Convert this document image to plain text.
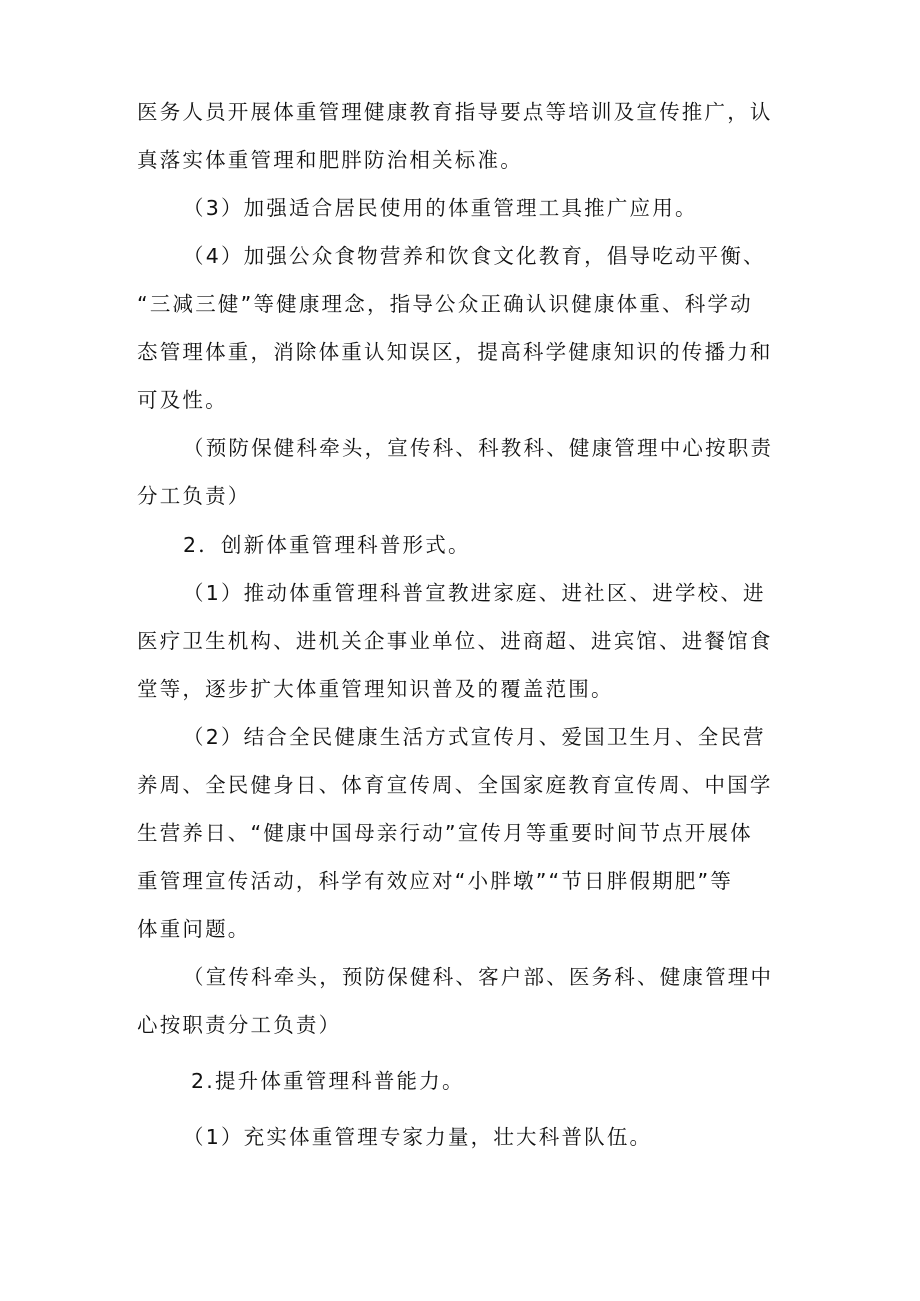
医务人员开展体重管理健康教育指导要点等培训及宣传推广，认
真落实体重管理和肥胖防治相关标准。
（3）加强适合居民使用的体重管理工具推广应用。
（4）加强公众食物营养和饮食文化教育，倡导吃动平衡、
“三减三健”等健康理念，指导公众正确认识健康体重、科学动
态管理体重，消除体重认知误区，提高科学健康知识的传播力和
可及性。
（预防保健科牵头，宣传科、科教科、健康管理中心按职责
分工负责）
2．创新体重管理科普形式。
（1）推动体重管理科普宣教进家庭、进社区、进学校、进
医疗卫生机构、进机关企事业单位、进商超、进宾馆、进餐馆食
堂等，逐步扩大体重管理知识普及的覆盖范围。
（2）结合全民健康生活方式宣传月、爱国卫生月、全民营
养周、全民健身日、体育宣传周、全国家庭教育宣传周、中国学
生营养日、“健康中国母亲行动”宣传月等重要时间节点开展体
重管理宣传活动，科学有效应对“小胖墩”“节日胖假期肥”等
体重问题。
（宣传科牵头，预防保健科、客户部、医务科、健康管理中
心按职责分工负责）
2.提升体重管理科普能力。
（1）充实体重管理专家力量，壮大科普队伍。
